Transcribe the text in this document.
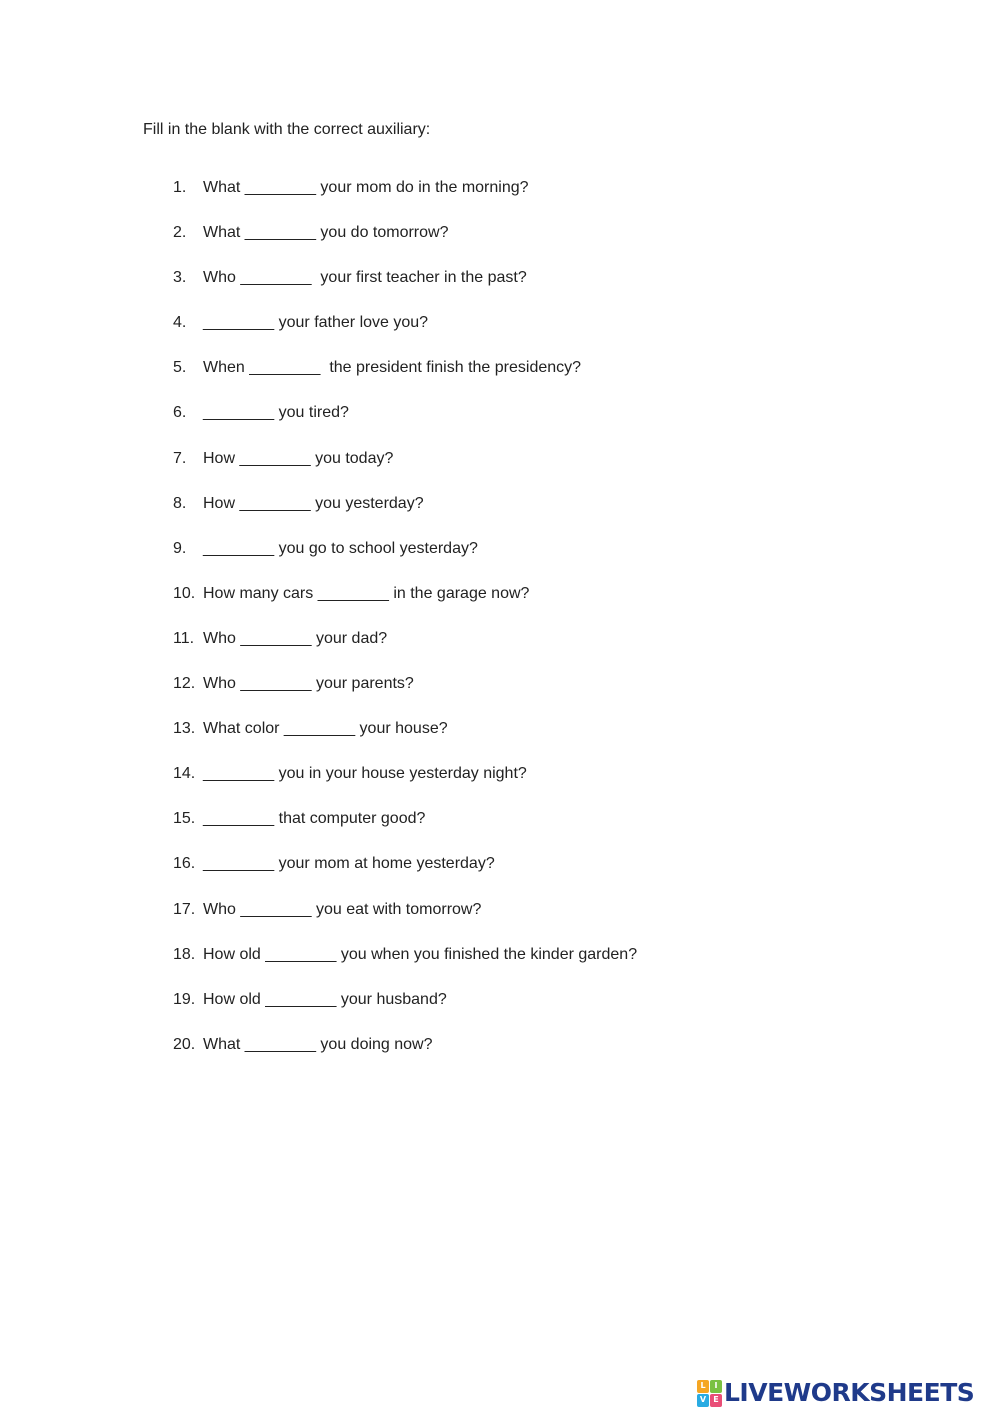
Fill in the blank with the correct auxiliary:
1. What ________ your mom do in the morning?
2. What ________ you do tomorrow?
3. Who ________  your first teacher in the past?
4. ________ your father love you?
5. When ________  the president finish the presidency?
6. ________ you tired?
7. How ________ you today?
8. How ________ you yesterday?
9. ________ you go to school yesterday?
10. How many cars ________ in the garage now?
11. Who ________ your dad?
12. Who ________ your parents?
13. What color ________ your house?
14. ________ you in your house yesterday night?
15. ________ that computer good?
16. ________ your mom at home yesterday?
17. Who ________ you eat with tomorrow?
18. How old ________ you when you finished the kinder garden?
19. How old ________ your husband?
20. What ________ you doing now?
L	I
V E LIVEWORKSHEETS
